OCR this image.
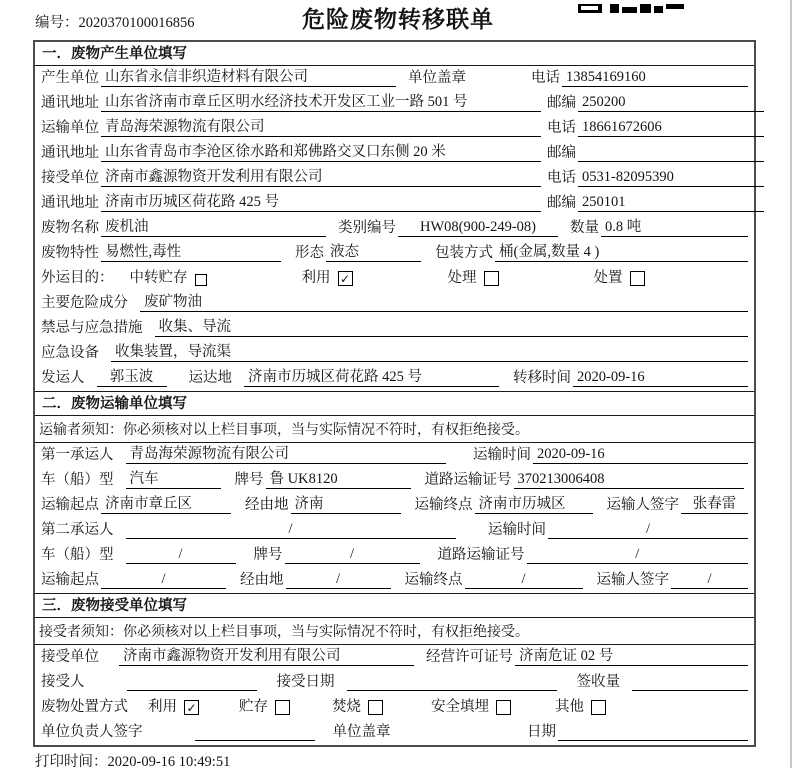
编号：2020370100016856	危险废物转移联单
一．废物产生单位填写
产生单位 山东省永信非织造材料有限公司	单位盖章	电话 13854169160
通讯地址 山东省济南市章丘区明水经济技术开发区工业一路 501 号	邮编 250200
运输单位 青岛海荣源物流有限公司	电话 18661672606
通讯地址 山东省青岛市李沧区徐水路和郑佛路交叉口东侧 20 米	邮编
接受单位 济南市鑫源物资开发利用有限公司	电话 0531-82095390
通讯地址 济南市历城区荷花路 425 号	邮编 250101
废物名称 废机油	类别编号	HW08(900-249-08)	数量 0.8 吨
废物特性 易燃性,毒性	形态 液态	包装方式 桶(金属,数量 4 )
外运目的： 中转贮存	利用 ✓	处理	处置
主要危险成分 废矿物油
禁忌与应急措施 收集、导流
应急设备 收集装置，导流渠
发运人	郭玉波	运达地 济南市历城区荷花路 425 号	转移时间 2020-09-16
二．废物运输单位填写
运输者须知：你必须核对以上栏目事项，当与实际情况不符时，有权拒绝接受。
第一承运人 青岛海荣源物流有限公司	运输时间 2020-09-16
车（船）型 汽车	牌号 鲁 UK8120	道路运输证号 370213006408
运输起点 济南市章丘区	经由地 济南	运输终点 济南市历城区	运输人签字 张春雷
第二承运人	/	运输时间	/
车（船）型	/	牌号	/	道路运输证号	/
运输起点	/	经由地	/	运输终点	/	运输人签字	/
三．废物接受单位填写
接受者须知：你必须核对以上栏目事项，当与实际情况不符时，有权拒绝接受。
接受单位 济南市鑫源物资开发利用有限公司	经营许可证号 济南危证 02 号
接受人	接受日期	签收量
废物处置方式 利用 ✓	贮存	焚烧	安全填埋	其他
单位负责人签字	单位盖章	日期
打印时间：2020-09-16 10:49:51
